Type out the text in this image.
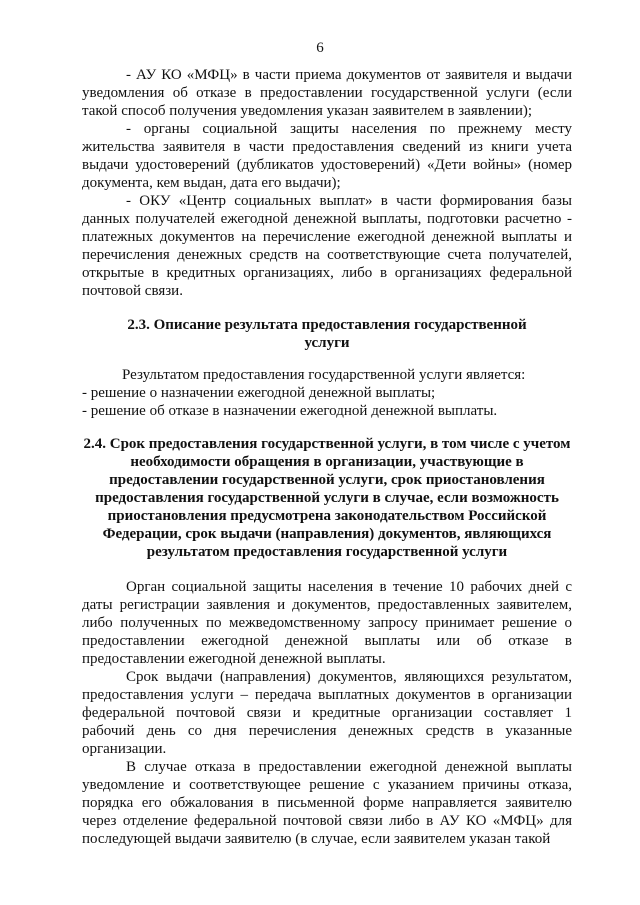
6

- АУ КО «МФЦ» в части приема документов от заявителя и выдачи уведомления об отказе в предоставлении государственной услуги (если такой способ получения уведомления указан заявителем в заявлении);

- органы социальной защиты населения по прежнему месту жительства заявителя в части предоставления сведений из книги учета выдачи удостоверений (дубликатов удостоверений) «Дети войны» (номер документа, кем выдан, дата его выдачи);

- ОКУ «Центр социальных выплат» в части формирования базы данных получателей ежегодной денежной выплаты, подготовки расчетно - платежных документов на перечисление ежегодной денежной выплаты и перечисления денежных средств на соответствующие счета получателей, открытые в кредитных организациях, либо в организациях федеральной почтовой связи.

2.3. Описание результата предоставления государственной

услуги

Результатом предоставления государственной услуги является:

- решение о назначении ежегодной денежной выплаты;

- решение об отказе в назначении ежегодной денежной выплаты.

2.4. Срок предоставления государственной услуги, в том числе с учетом необходимости обращения в организации, участвующие в предоставлении государственной услуги, срок приостановления предоставления государственной услуги в случае, если возможность приостановления предусмотрена законодательством Российской Федерации, срок выдачи (направления) документов, являющихся результатом предоставления государственной услуги

Орган социальной защиты населения в течение 10 рабочих дней с даты регистрации заявления и документов, предоставленных заявителем, либо полученных по межведомственному запросу принимает решение о предоставлении ежегодной денежной выплаты или об отказе в предоставлении ежегодной денежной выплаты.

Срок выдачи (направления) документов, являющихся результатом, предоставления услуги – передача выплатных документов в организации федеральной почтовой связи и кредитные организации составляет 1 рабочий день со дня перечисления денежных средств в указанные организации.

В случае отказа в предоставлении ежегодной денежной выплаты уведомление и соответствующее решение с указанием причины отказа, порядка его обжалования в письменной форме направляется заявителю через отделение федеральной почтовой связи либо в АУ КО «МФЦ» для последующей выдачи заявителю (в случае, если заявителем указан такой
